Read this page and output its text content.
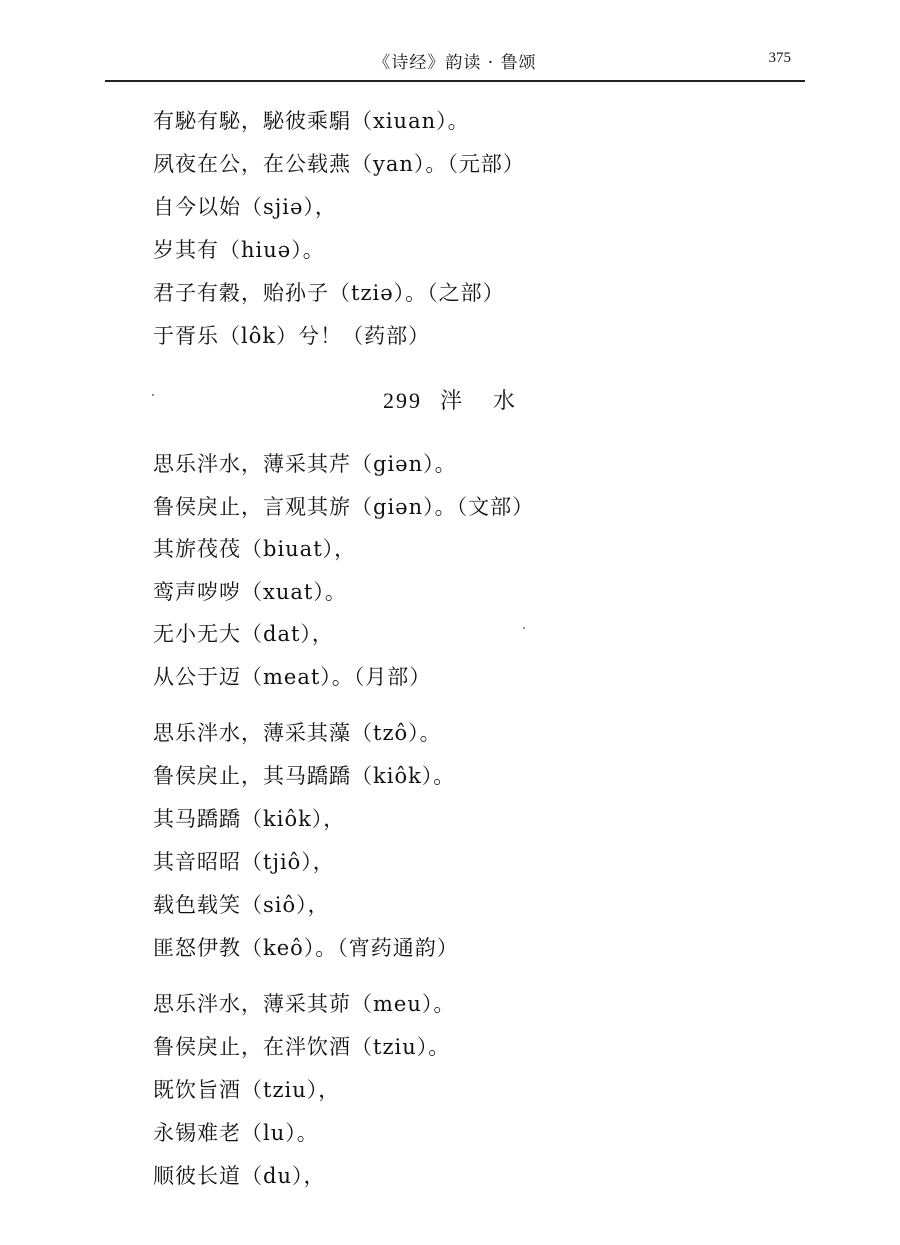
《诗经》韵读 · 鲁颂	375
有駜有駜，駜彼乘駽（xiuan）。
夙夜在公，在公载燕（yan）。（元部）
自今以始（sjiə），
岁其有（hiuə）。
君子有穀，贻孙子（tziə）。（之部）
于胥乐（lôk）兮！（药部）
299 泮 水
思乐泮水，薄采其芹（giən）。
鲁侯戾止，言观其旂（giən）。（文部）
其旂茷茷（biuat），
鸾声哕哕（xuat）。
无小无大（dat），
从公于迈（meat）。（月部）
思乐泮水，薄采其藻（tzô）。
鲁侯戾止，其马蹻蹻（kiôk）。
其马蹻蹻（kiôk），
其音昭昭（tjiô），
载色载笑（siô），
匪怒伊教（keô）。（宵药通韵）
思乐泮水，薄采其茆（meu）。
鲁侯戾止，在泮饮酒（tziu）。
既饮旨酒（tziu），
永锡难老（lu）。
顺彼长道（du），
